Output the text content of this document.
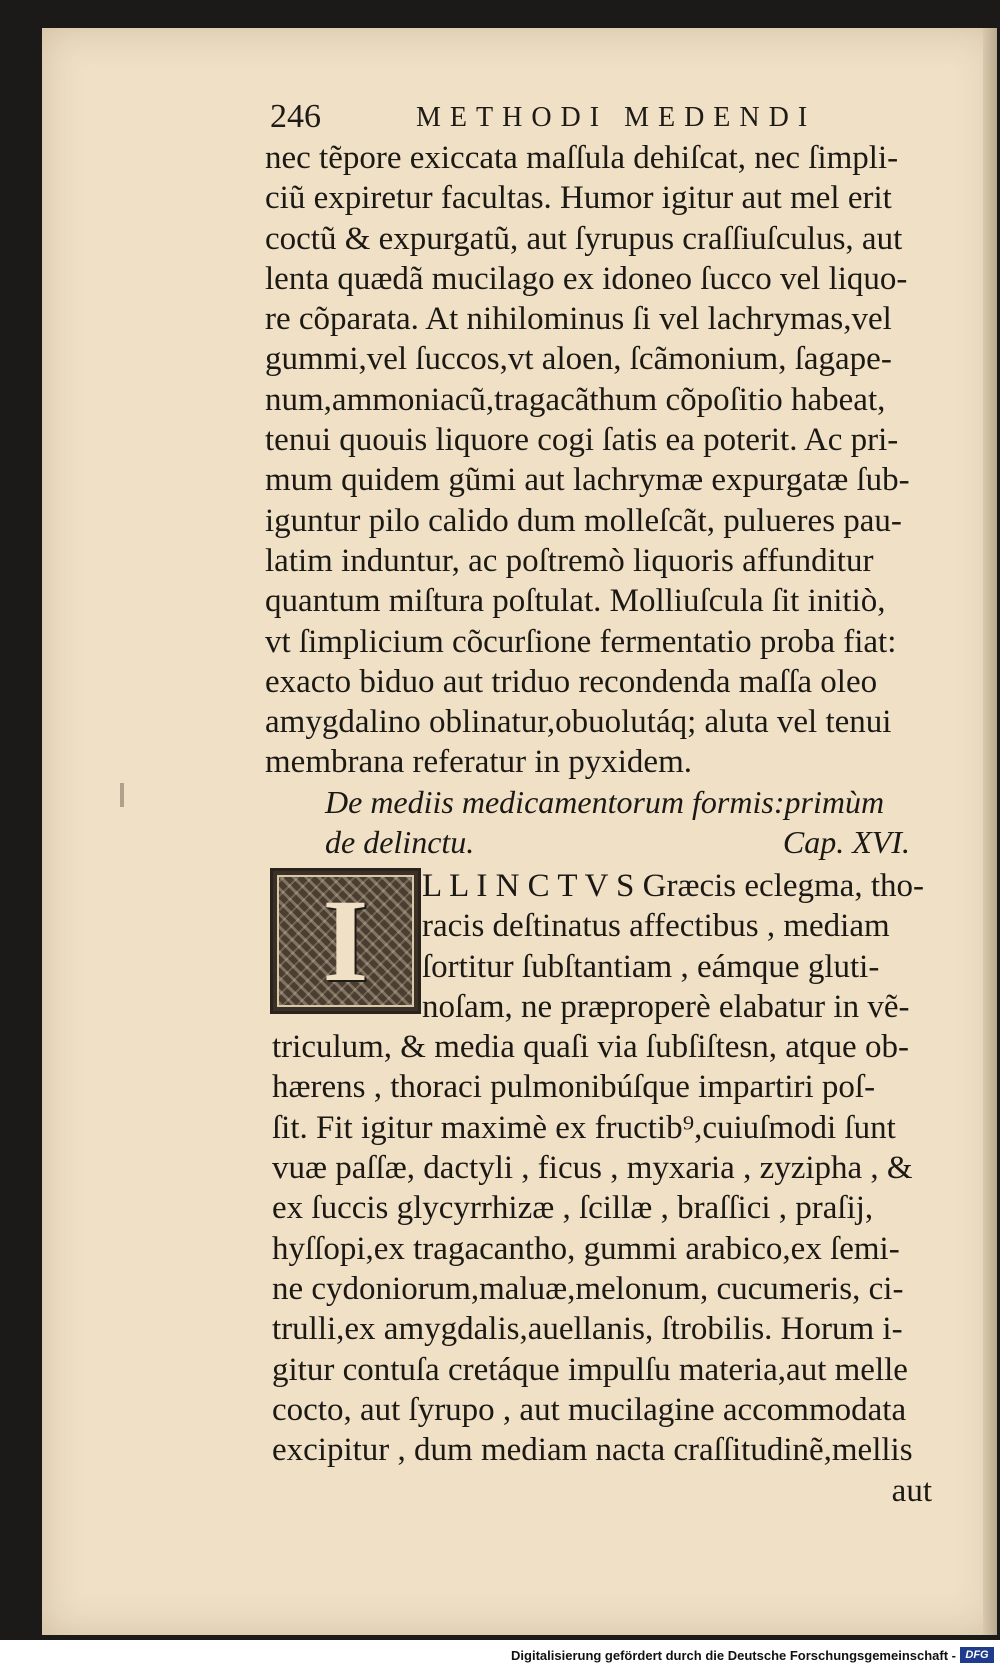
246	METHODI MEDENDI
nec tẽpore exiccata maſſula dehiſcat, nec ſimpli-
ciũ expiretur facultas. Humor igitur aut mel erit
coctũ & expurgatũ, aut ſyrupus craſſiuſculus, aut
lenta quædã mucilago ex idoneo ſucco vel liquo-
re cõparata. At nihilominus ſi vel lachrymas,vel
gummi,vel ſuccos,vt aloen, ſcãmonium, ſagape-
num,ammoniacũ,tragacãthum cõpoſitio habeat,
tenui quouis liquore cogi ſatis ea poterit. Ac pri-
mum quidem gũmi aut lachrymæ expurgatæ ſub-
iguntur pilo calido dum molleſcãt, pulueres pau-
latim induntur, ac poſtremò liquoris affunditur
quantum miſtura poſtulat. Molliuſcula ſit initiò,
vt ſimplicium cõcurſione fermentatio proba fiat:
exacto biduo aut triduo recondenda maſſa oleo
amygdalino oblinatur,obuolutáq; aluta vel tenui
membrana referatur in pyxidem.
De mediis medicamentorum formis:primùm
de delinctu.	Cap. XVI.
I	L L I N C T V S Græcis eclegma, tho-
racis deſtinatus affectibus , mediam
ſortitur ſubſtantiam , eámque gluti-
noſam, ne præproperè elabatur in vẽ-
triculum, & media quaſi via ſubſiſtesn, atque ob-
hærens , thoraci pulmonibúſque impartiri poſ-
ſit. Fit igitur maximè ex fructib⁹,cuiuſmodi ſunt
vuæ paſſæ, dactyli , ficus , myxaria , zyzipha , &
ex ſuccis glycyrrhizæ , ſcillæ , braſſici , praſij,
hyſſopi,ex tragacantho, gummi arabico,ex ſemi-
ne cydoniorum,maluæ,melonum, cucumeris, ci-
trulli,ex amygdalis,auellanis, ſtrobilis. Horum i-
gitur contuſa cretáque impulſu materia,aut melle
cocto, aut ſyrupo , aut mucilagine accommodata
excipitur , dum mediam nacta craſſitudinẽ,mellis
aut
Digitalisierung gefördert durch die Deutsche Forschungsgemeinschaft - DFG
